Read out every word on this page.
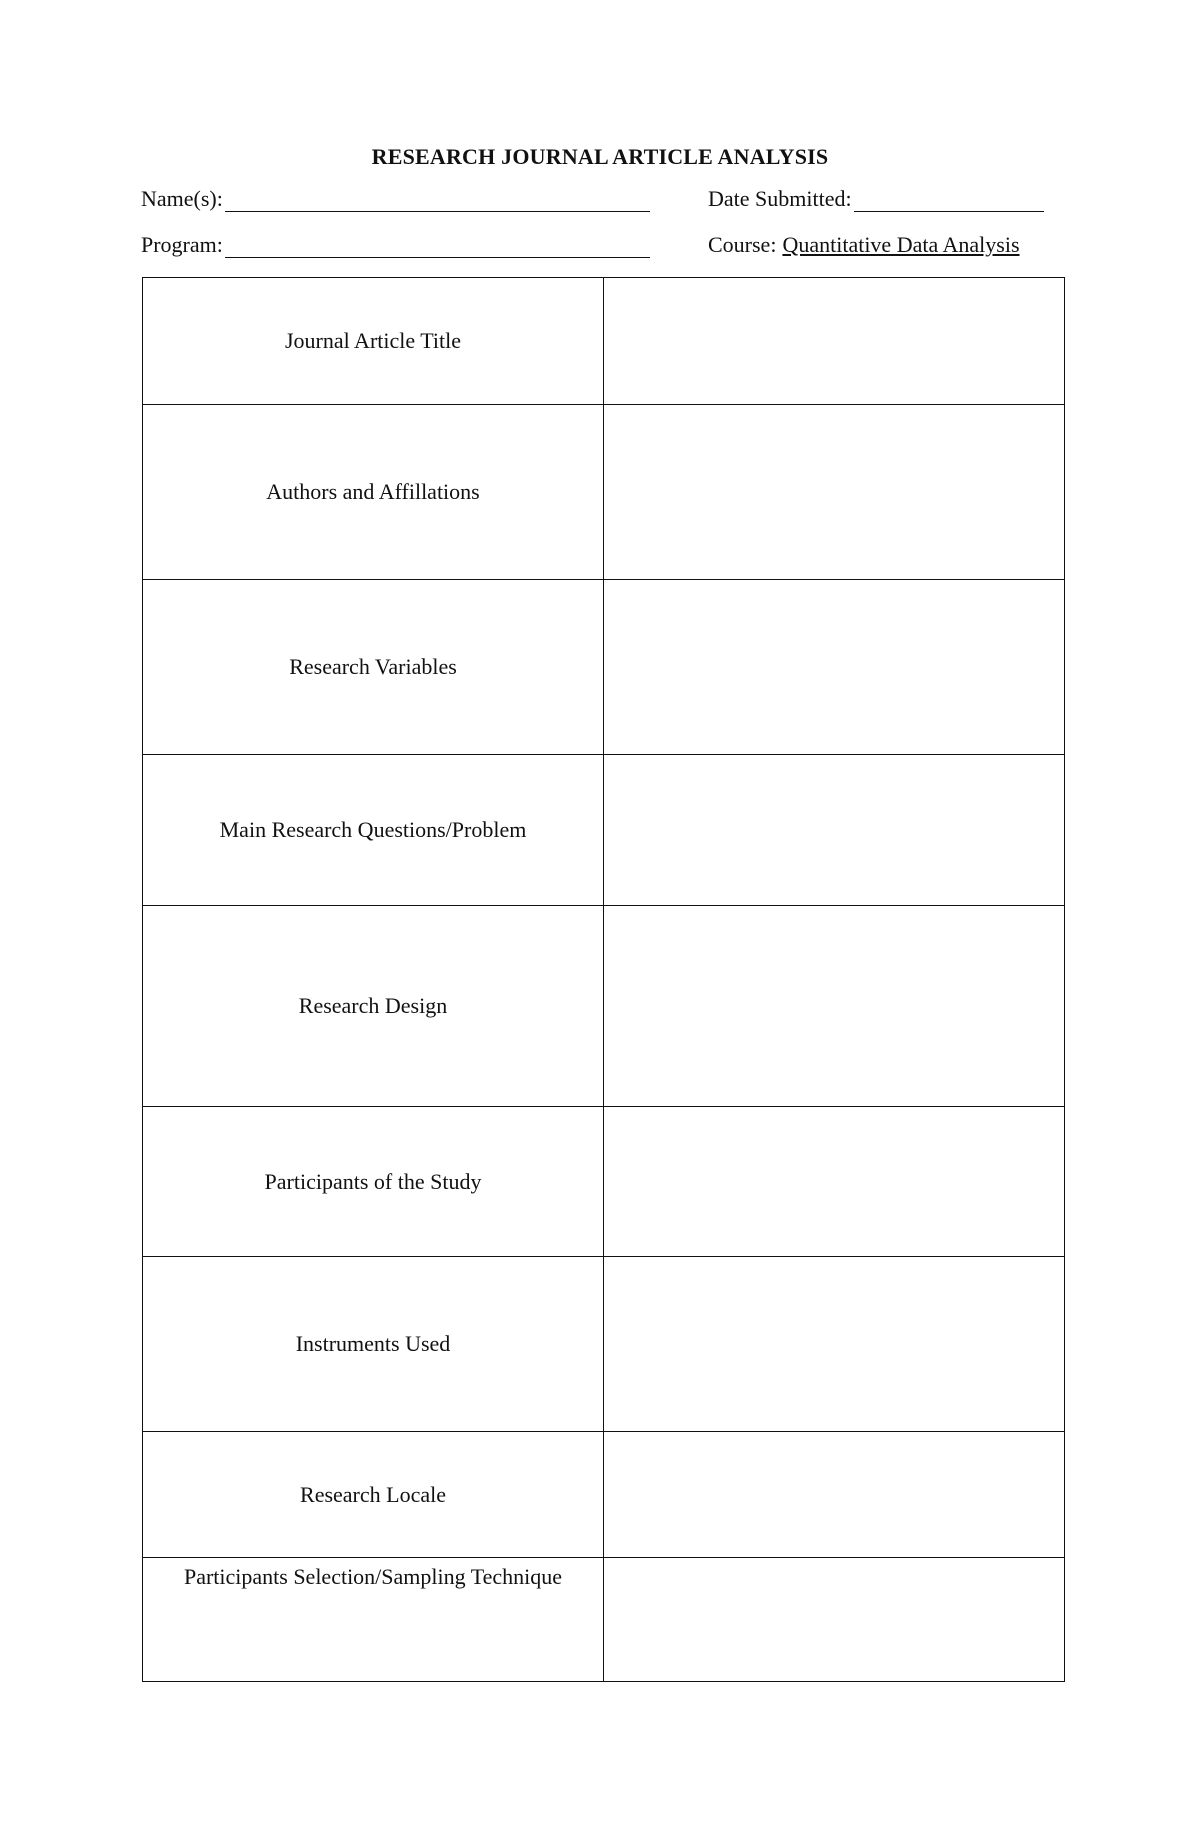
RESEARCH JOURNAL ARTICLE ANALYSIS
Name(s):	Date Submitted:
Program:	Course: Quantitative Data Analysis
Journal Article Title	
Authors and Affillations	
Research Variables	
Main Research Questions/Problem	
Research Design	
Participants of the Study	
Instruments Used	
Research Locale	
Participants Selection/Sampling Technique	
